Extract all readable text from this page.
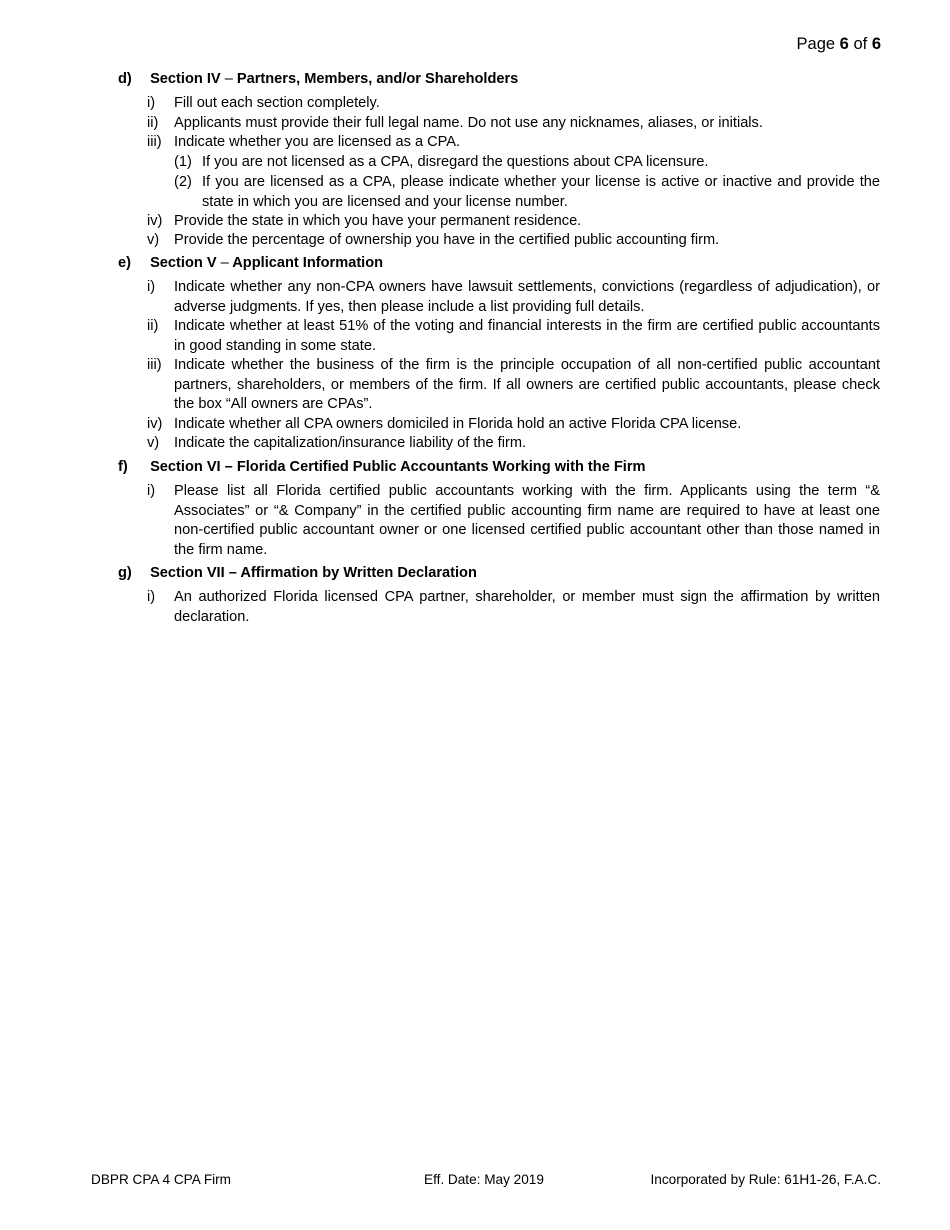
Page 6 of 6
d) Section IV – Partners, Members, and/or Shareholders
i) Fill out each section completely.
ii) Applicants must provide their full legal name. Do not use any nicknames, aliases, or initials.
iii) Indicate whether you are licensed as a CPA.
(1) If you are not licensed as a CPA, disregard the questions about CPA licensure.
(2) If you are licensed as a CPA, please indicate whether your license is active or inactive and provide the state in which you are licensed and your license number.
iv) Provide the state in which you have your permanent residence.
v) Provide the percentage of ownership you have in the certified public accounting firm.
e) Section V – Applicant Information
i) Indicate whether any non-CPA owners have lawsuit settlements, convictions (regardless of adjudication), or adverse judgments. If yes, then please include a list providing full details.
ii) Indicate whether at least 51% of the voting and financial interests in the firm are certified public accountants in good standing in some state.
iii) Indicate whether the business of the firm is the principle occupation of all non-certified public accountant partners, shareholders, or members of the firm. If all owners are certified public accountants, please check the box “All owners are CPAs”.
iv) Indicate whether all CPA owners domiciled in Florida hold an active Florida CPA license.
v) Indicate the capitalization/insurance liability of the firm.
f) Section VI – Florida Certified Public Accountants Working with the Firm
i) Please list all Florida certified public accountants working with the firm. Applicants using the term “& Associates” or “& Company” in the certified public accounting firm name are required to have at least one non-certified public accountant owner or one licensed certified public accountant other than those named in the firm name.
g) Section VII – Affirmation by Written Declaration
i) An authorized Florida licensed CPA partner, shareholder, or member must sign the affirmation by written declaration.
DBPR CPA 4 CPA Firm	Eff. Date: May 2019	Incorporated by Rule: 61H1-26, F.A.C.
